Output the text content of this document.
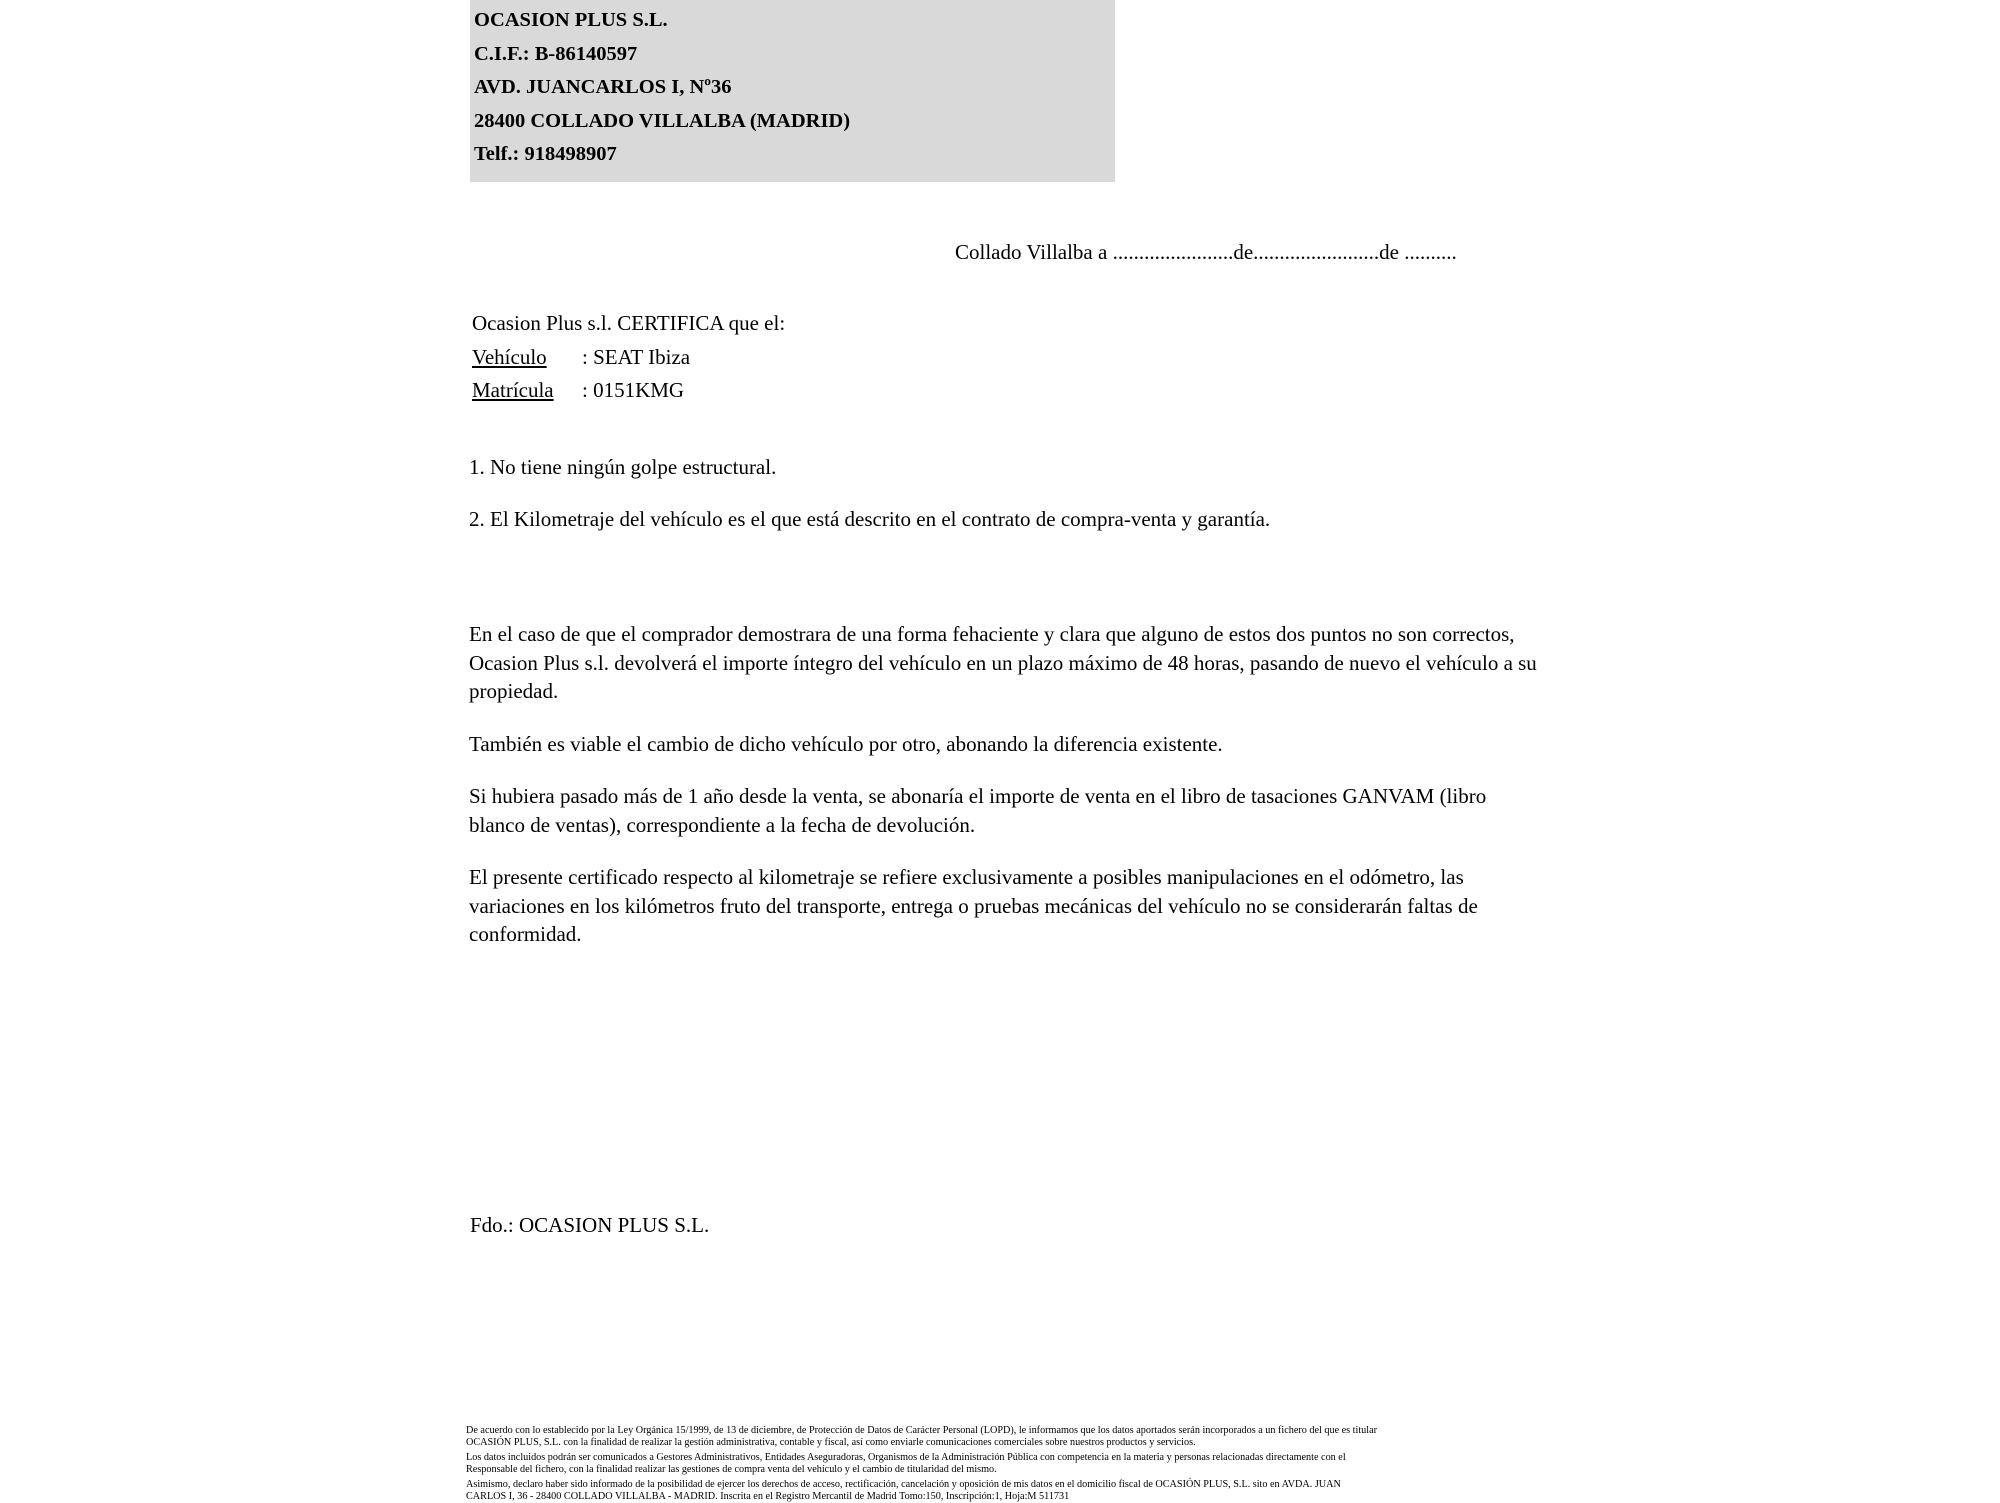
OCASION PLUS S.L.
C.I.F.: B-86140597
AVD. JUANCARLOS I, Nº36
28400 COLLADO VILLALBA (MADRID)
Telf.: 918498907
Collado Villalba a .......................de........................de ..........
Ocasion Plus s.l. CERTIFICA que el:
Vehículo : SEAT Ibiza
Matrícula : 0151KMG
1. No tiene ningún golpe estructural.
2. El Kilometraje del vehículo es el que está descrito en el contrato de compra-venta y garantía.

En el caso de que el comprador demostrara de una forma fehaciente y clara que alguno de estos dos puntos no son correctos, Ocasion Plus s.l. devolverá el importe íntegro del vehículo en un plazo máximo de 48 horas, pasando de nuevo el vehículo a su propiedad.

También es viable el cambio de dicho vehículo por otro, abonando la diferencia existente.

Si hubiera pasado más de 1 año desde la venta, se abonaría el importe de venta en el libro de tasaciones GANVAM (libro blanco de ventas), correspondiente a la fecha de devolución.

El presente certificado respecto al kilometraje se refiere exclusivamente a posibles manipulaciones en el odómetro, las variaciones en los kilómetros fruto del transporte, entrega o pruebas mecánicas del vehículo no se considerarán faltas de conformidad.

Fdo.: OCASION PLUS S.L.

De acuerdo con lo establecido por la Ley Orgánica 15/1999, de 13 de diciembre, de Protección de Datos de Carácter Personal (LOPD), le informamos que los datos aportados serán incorporados a un fichero del que es titular

OCASIÓN PLUS, S.L. con la finalidad de realizar la gestión administrativa, contable y fiscal, así como enviarle comunicaciones comerciales sobre nuestros productos y servicios.

Los datos incluidos podrán ser comunicados a Gestores Administrativos, Entidades Aseguradoras, Organismos de la Administración Pública con competencia en la materia y personas relacionadas directamente con el

Responsable del fichero, con la finalidad realizar las gestiones de compra venta del vehículo y el cambio de titularidad del mismo.

Asimismo, declaro haber sido informado de la posibilidad de ejercer los derechos de acceso, rectificación, cancelación y oposición de mis datos en el domicilio fiscal de OCASIÓN PLUS, S.L. sito en AVDA. JUAN

CARLOS I, 36 - 28400 COLLADO VILLALBA - MADRID. Inscrita en el Registro Mercantil de Madrid Tomo:150, Inscripción:1, Hoja:M 511731
